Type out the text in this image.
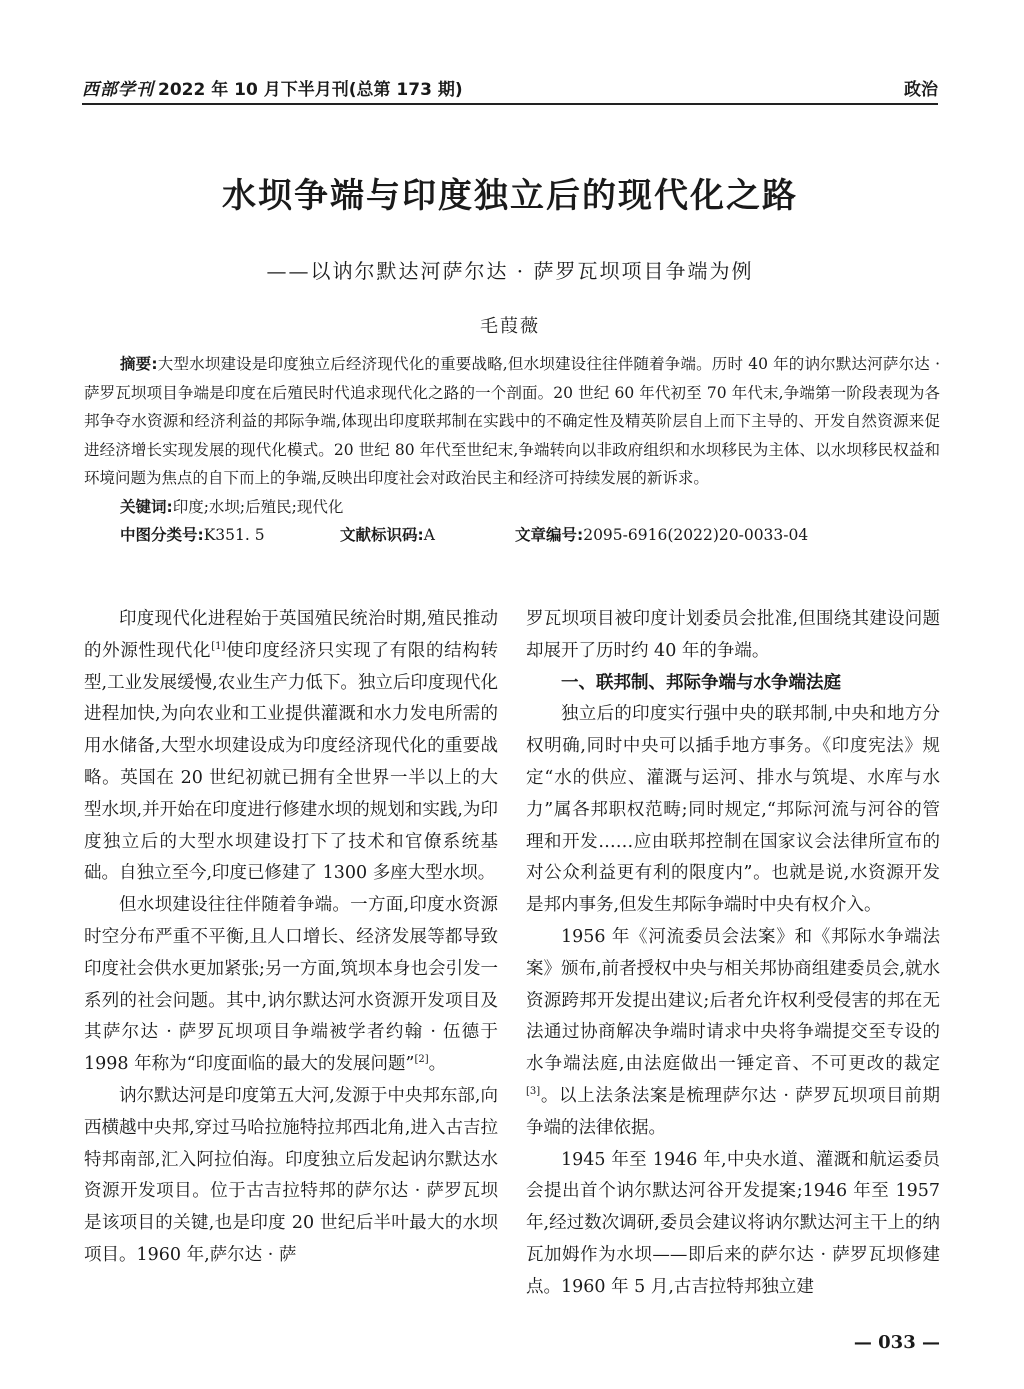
西部学刊 2022 年 10 月下半月刊(总第 173 期)	政治
水坝争端与印度独立后的现代化之路
——以讷尔默达河萨尔达 · 萨罗瓦坝项目争端为例
毛葭薇

摘要:大型水坝建设是印度独立后经济现代化的重要战略,但水坝建设往往伴随着争端。历时 40 年的讷尔默达河萨尔达 · 萨罗瓦坝项目争端是印度在后殖民时代追求现代化之路的一个剖面。20 世纪 60 年代初至 70 年代末,争端第一阶段表现为各邦争夺水资源和经济利益的邦际争端,体现出印度联邦制在实践中的不确定性及精英阶层自上而下主导的、开发自然资源来促进经济增长实现发展的现代化模式。20 世纪 80 年代至世纪末,争端转向以非政府组织和水坝移民为主体、以水坝移民权益和环境问题为焦点的自下而上的争端,反映出印度社会对政治民主和经济可持续发展的新诉求。

关键词:印度;水坝;后殖民;现代化
中图分类号:K351. 5	文献标识码:A	文章编号:2095-6916(2022)20-0033-04

印度现代化进程始于英国殖民统治时期,殖民推动的外源性现代化[1]使印度经济只实现了有限的结构转型,工业发展缓慢,农业生产力低下。独立后印度现代化进程加快,为向农业和工业提供灌溉和水力发电所需的用水储备,大型水坝建设成为印度经济现代化的重要战略。英国在 20 世纪初就已拥有全世界一半以上的大型水坝,并开始在印度进行修建水坝的规划和实践,为印度独立后的大型水坝建设打下了技术和官僚系统基础。自独立至今,印度已修建了 1300 多座大型水坝。

但水坝建设往往伴随着争端。一方面,印度水资源时空分布严重不平衡,且人口增长、经济发展等都导致印度社会供水更加紧张;另一方面,筑坝本身也会引发一系列的社会问题。其中,讷尔默达河水资源开发项目及其萨尔达 · 萨罗瓦坝项目争端被学者约翰 · 伍德于 1998 年称为“印度面临的最大的发展问题”[2]。

讷尔默达河是印度第五大河,发源于中央邦东部,向西横越中央邦,穿过马哈拉施特拉邦西北角,进入古吉拉特邦南部,汇入阿拉伯海。印度独立后发起讷尔默达水资源开发项目。位于古吉拉特邦的萨尔达 · 萨罗瓦坝是该项目的关键,也是印度 20 世纪后半叶最大的水坝项目。1960 年,萨尔达 · 萨

罗瓦坝项目被印度计划委员会批准,但围绕其建设问题却展开了历时约 40 年的争端。

一、联邦制、邦际争端与水争端法庭

独立后的印度实行强中央的联邦制,中央和地方分权明确,同时中央可以插手地方事务。《印度宪法》规定“水的供应、灌溉与运河、排水与筑堤、水库与水力”属各邦职权范畴;同时规定,“邦际河流与河谷的管理和开发……应由联邦控制在国家议会法律所宣布的对公众利益更有利的限度内”。也就是说,水资源开发是邦内事务,但发生邦际争端时中央有权介入。

1956 年《河流委员会法案》和《邦际水争端法案》颁布,前者授权中央与相关邦协商组建委员会,就水资源跨邦开发提出建议;后者允许权利受侵害的邦在无法通过协商解决争端时请求中央将争端提交至专设的水争端法庭,由法庭做出一锤定音、不可更改的裁定[3]。以上法条法案是梳理萨尔达 · 萨罗瓦坝项目前期争端的法律依据。

1945 年至 1946 年,中央水道、灌溉和航运委员会提出首个讷尔默达河谷开发提案;1946 年至 1957 年,经过数次调研,委员会建议将讷尔默达河主干上的纳瓦加姆作为水坝——即后来的萨尔达 · 萨罗瓦坝修建点。1960 年 5 月,古吉拉特邦独立建

— 033 —
